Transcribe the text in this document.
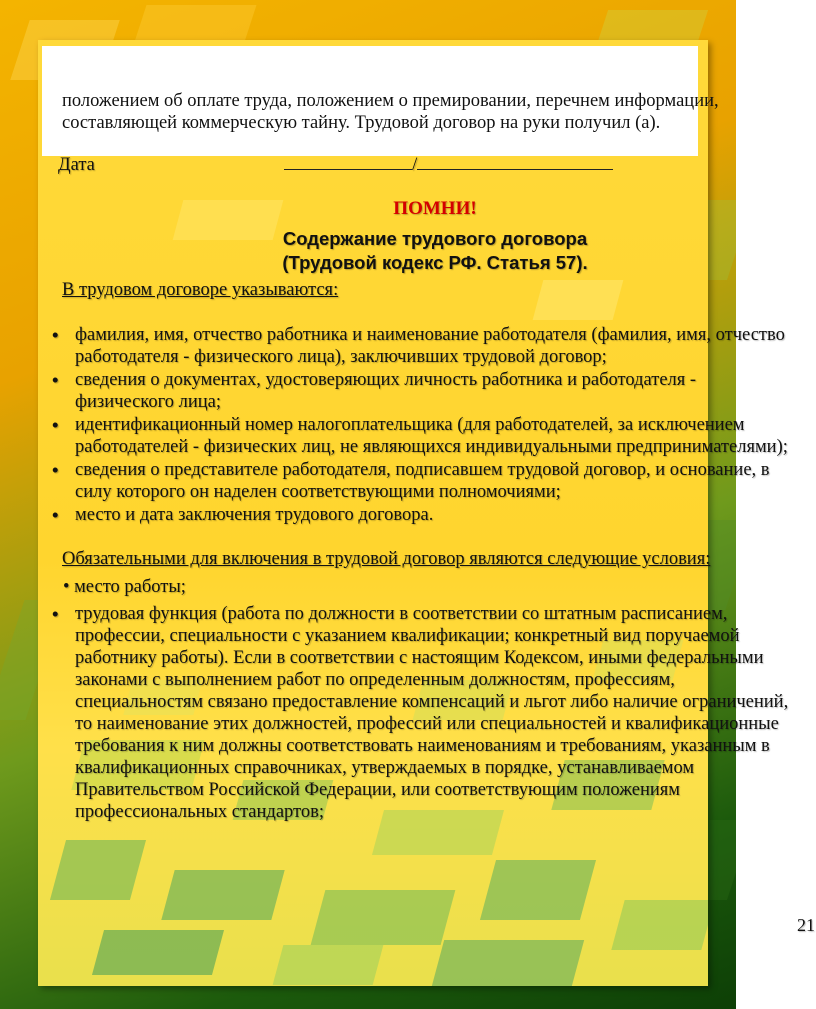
положением об оплате труда, положением о премировании, перечнем информации, составляющей коммерческую тайну. Трудовой договор на руки получил (а).

Дата	/
ПОМНИ!
Содержание трудового договора
(Трудовой кодекс РФ. Статья 57).
В трудовом договоре указываются:
• фамилия, имя, отчество работника и наименование работодателя (фамилия, имя, отчество работодателя - физического лица), заключивших трудовой договор;
• сведения о документах, удостоверяющих личность работника и работодателя - физического лица;
• идентификационный номер налогоплательщика (для работодателей, за исключением работодателей - физических лиц, не являющихся индивидуальными предпринимателями);
• сведения о представителе работодателя, подписавшем трудовой договор, и основание, в силу которого он наделен соответствующими полномочиями;
• место и дата заключения трудового договора.
Обязательными для включения в трудовой договор являются следующие условия:
• место работы;
• трудовая функция (работа по должности в соответствии со штатным расписанием, профессии, специальности с указанием квалификации; конкретный вид поручаемой работнику работы). Если в соответствии с настоящим Кодексом, иными федеральными законами с выполнением работ по определенным должностям, профессиям, специальностям связано предоставление компенсаций и льгот либо наличие ограничений, то наименование этих должностей, профессий или специальностей и квалификационные требования к ним должны соответствовать наименованиям и требованиям, указанным в квалификационных справочниках, утверждаемых в порядке, устанавливаемом Правительством Российской Федерации, или соответствующим положениям профессиональных стандартов;
21
